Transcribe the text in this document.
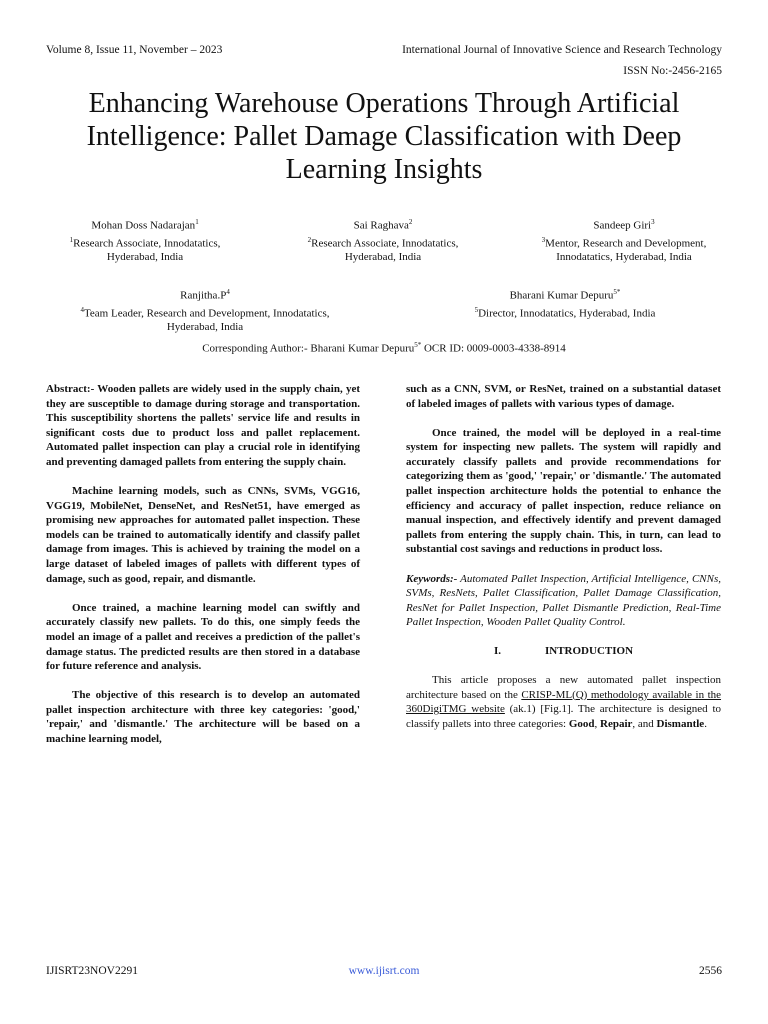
Volume 8, Issue 11, November – 2023	International Journal of Innovative Science and Research Technology
ISSN No:-2456-2165
Enhancing Warehouse Operations Through Artificial Intelligence: Pallet Damage Classification with Deep Learning Insights
Mohan Doss Nadarajan$^1$
$^1$Research Associate, Innodatatics,
Hyderabad, India
Sai Raghava$^2$
$^2$Research Associate, Innodatatics,
Hyderabad, India
Sandeep Giri$^3$
$^3$Mentor, Research and Development,
Innodatatics, Hyderabad, India
$Ranjitha.P^4$
$^4$Team Leader, Research and Development, Innodatatics,
Hyderabad, India
Bharani Kumar Depuru$^{5*}$
$^5$Director, Innodatatics, Hyderabad, India
Corresponding Author:- Bharani Kumar Depuru$^{5*}$ OCR ID: 0009-0003-4338-8914

Abstract:- Wooden pallets are widely used in the supply chain, yet they are susceptible to damage during storage and transportation. This susceptibility shortens the pallets' service life and results in significant costs due to product loss and pallet replacement. Automated pallet inspection can play a crucial role in identifying and preventing damaged pallets from entering the supply chain.

Machine learning models, such as CNNs, SVMs, VGG16, VGG19, MobileNet, DenseNet, and ResNet51, have emerged as promising new approaches for automated pallet inspection. These models can be trained to automatically identify and classify pallet damage from images. This is achieved by training the model on a large dataset of labeled images of pallets with different types of damage, such as good, repair, and dismantle.

Once trained, a machine learning model can swiftly and accurately classify new pallets. To do this, one simply feeds the model an image of a pallet and receives a prediction of the pallet's damage status. The predicted results are then stored in a database for future reference and analysis.

The objective of this research is to develop an automated pallet inspection architecture with three key categories: 'good,' 'repair,' and 'dismantle.' The architecture will be based on a machine learning model,

such as a CNN, SVM, or ResNet, trained on a substantial dataset of labeled images of pallets with various types of damage.

Once trained, the model will be deployed in a real-time system for inspecting new pallets. The system will rapidly and accurately classify pallets and provide recommendations for categorizing them as 'good,' 'repair,' or 'dismantle.' The automated pallet inspection architecture holds the potential to enhance the efficiency and accuracy of pallet inspection, reduce reliance on manual inspection, and effectively identify and prevent damaged pallets from entering the supply chain. This, in turn, can lead to substantial cost savings and reductions in product loss.

Keywords:- Automated Pallet Inspection, Artificial Intelligence, CNNs, SVMs, ResNets, Pallet Classification, Pallet Damage Classification, ResNet for Pallet Inspection, Pallet Dismantle Prediction, Real-Time Pallet Inspection, Wooden Pallet Quality Control.

I.	INTRODUCTION

This article proposes a new automated pallet inspection architecture based on the CRISP-ML(Q) methodology available in the 360DigiTMG website (ak.1) [Fig.1]. The architecture is designed to classify pallets into three categories: Good, Repair, and Dismantle.

IJISRT23NOV2291	www.ijisrt.com	2556
